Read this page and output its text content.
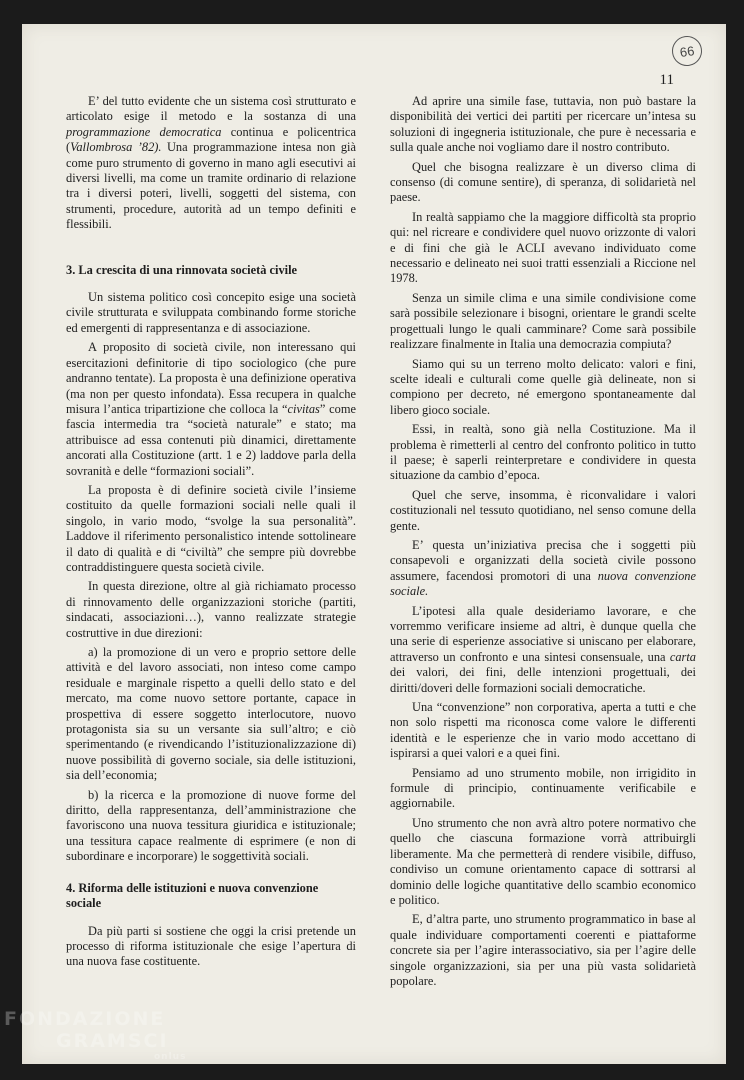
66
11

E’ del tutto evidente che un sistema così strutturato e articolato esige il metodo e la sostanza di una programmazione democratica continua e policentrica (Vallombrosa ’82). Una programmazione intesa non già come puro strumento di governo in mano agli esecutivi ai diversi livelli, ma come un tramite ordinario di relazione tra i diversi poteri, livelli, soggetti del sistema, con strumenti, procedure, autorità ad un tempo definiti e flessibili.

3. La crescita di una rinnovata società civile

Un sistema politico così concepito esige una società civile strutturata e sviluppata combinando forme storiche ed emergenti di rappresentanza e di associazione.

A proposito di società civile, non interessano qui esercitazioni definitorie di tipo sociologico (che pure andranno tentate). La proposta è una definizione operativa (ma non per questo infondata). Essa recupera in qualche misura l’antica tripartizione che colloca la “civitas” come fascia intermedia tra “società naturale” e stato; ma attribuisce ad essa contenuti più dinamici, direttamente ancorati alla Costituzione (artt. 1 e 2) laddove parla della sovranità e delle “formazioni sociali”.

La proposta è di definire società civile l’insieme costituito da quelle formazioni sociali nelle quali il singolo, in vario modo, “svolge la sua personalità”. Laddove il riferimento personalistico intende sottolineare il dato di qualità e di “civiltà” che sempre più dovrebbe contraddistinguere questa società civile.

In questa direzione, oltre al già richiamato processo di rinnovamento delle organizzazioni storiche (partiti, sindacati, associazioni…), vanno realizzate strategie costruttive in due direzioni:

a) la promozione di un vero e proprio settore delle attività e del lavoro associati, non inteso come campo residuale e marginale rispetto a quelli dello stato e del mercato, ma come nuovo settore portante, capace in prospettiva di essere soggetto interlocutore, nuovo protagonista sia su un versante sia sull’altro; e ciò sperimentando (e rivendicando l’istituzionalizzazione di) nuove possibilità di governo sociale, sia delle istituzioni, sia dell’economia;

b) la ricerca e la promozione di nuove forme del diritto, della rappresentanza, dell’amministrazione che favoriscono una nuova tessitura giuridica e istituzionale; una tessitura capace realmente di esprimere (e non di subordinare e incorporare) le soggettività sociali.

4. Riforma delle istituzioni e nuova convenzione sociale

Da più parti si sostiene che oggi la crisi pretende un processo di riforma istituzionale che esige l’apertura di una nuova fase costituente.

Ad aprire una simile fase, tuttavia, non può bastare la disponibilità dei vertici dei partiti per ricercare un’intesa su soluzioni di ingegneria istituzionale, che pure è necessaria e sulla quale anche noi vogliamo dare il nostro contributo.

Quel che bisogna realizzare è un diverso clima di consenso (di comune sentire), di speranza, di solidarietà nel paese.

In realtà sappiamo che la maggiore difficoltà sta proprio qui: nel ricreare e condividere quel nuovo orizzonte di valori e di fini che già le ACLI avevano individuato come necessario e delineato nei suoi tratti essenziali a Riccione nel 1978.

Senza un simile clima e una simile condivisione come sarà possibile selezionare i bisogni, orientare le grandi scelte progettuali lungo le quali camminare? Come sarà possibile realizzare finalmente in Italia una democrazia compiuta?

Siamo qui su un terreno molto delicato: valori e fini, scelte ideali e culturali come quelle già delineate, non si compiono per decreto, né emergono spontaneamente dal libero gioco sociale.

Essi, in realtà, sono già nella Costituzione. Ma il problema è rimetterli al centro del confronto politico in tutto il paese; è saperli reinterpretare e condividere in questa situazione da cambio d’epoca.

Quel che serve, insomma, è riconvalidare i valori costituzionali nel tessuto quotidiano, nel senso comune della gente.

E’ questa un’iniziativa precisa che i soggetti più consapevoli e organizzati della società civile possono assumere, facendosi promotori di una nuova convenzione sociale.

L’ipotesi alla quale desideriamo lavorare, e che vorremmo verificare insieme ad altri, è dunque quella che una serie di esperienze associative si uniscano per elaborare, attraverso un confronto e una sintesi consensuale, una carta dei valori, dei fini, delle intenzioni progettuali, dei diritti/doveri delle formazioni sociali democratiche.

Una “convenzione” non corporativa, aperta a tutti e che non solo rispetti ma riconosca come valore le differenti identità e le esperienze che in vario modo accettano di ispirarsi a quei valori e a quei fini.

Pensiamo ad uno strumento mobile, non irrigidito in formule di principio, continuamente verificabile e aggiornabile.

Uno strumento che non avrà altro potere normativo che quello che ciascuna formazione vorrà attribuirgli liberamente. Ma che permetterà di rendere visibile, diffuso, condiviso un comune orientamento capace di sottrarsi al dominio delle logiche quantitative dello scambio economico e politico.

E, d’altra parte, uno strumento programmatico in base al quale individuare comportamenti coerenti e piattaforme concrete sia per l’agire interassociativo, sia per l’agire delle singole organizzazioni, sia per una più vasta solidarietà popolare.

FONDAZIONE
GRAMSCI
onlus
